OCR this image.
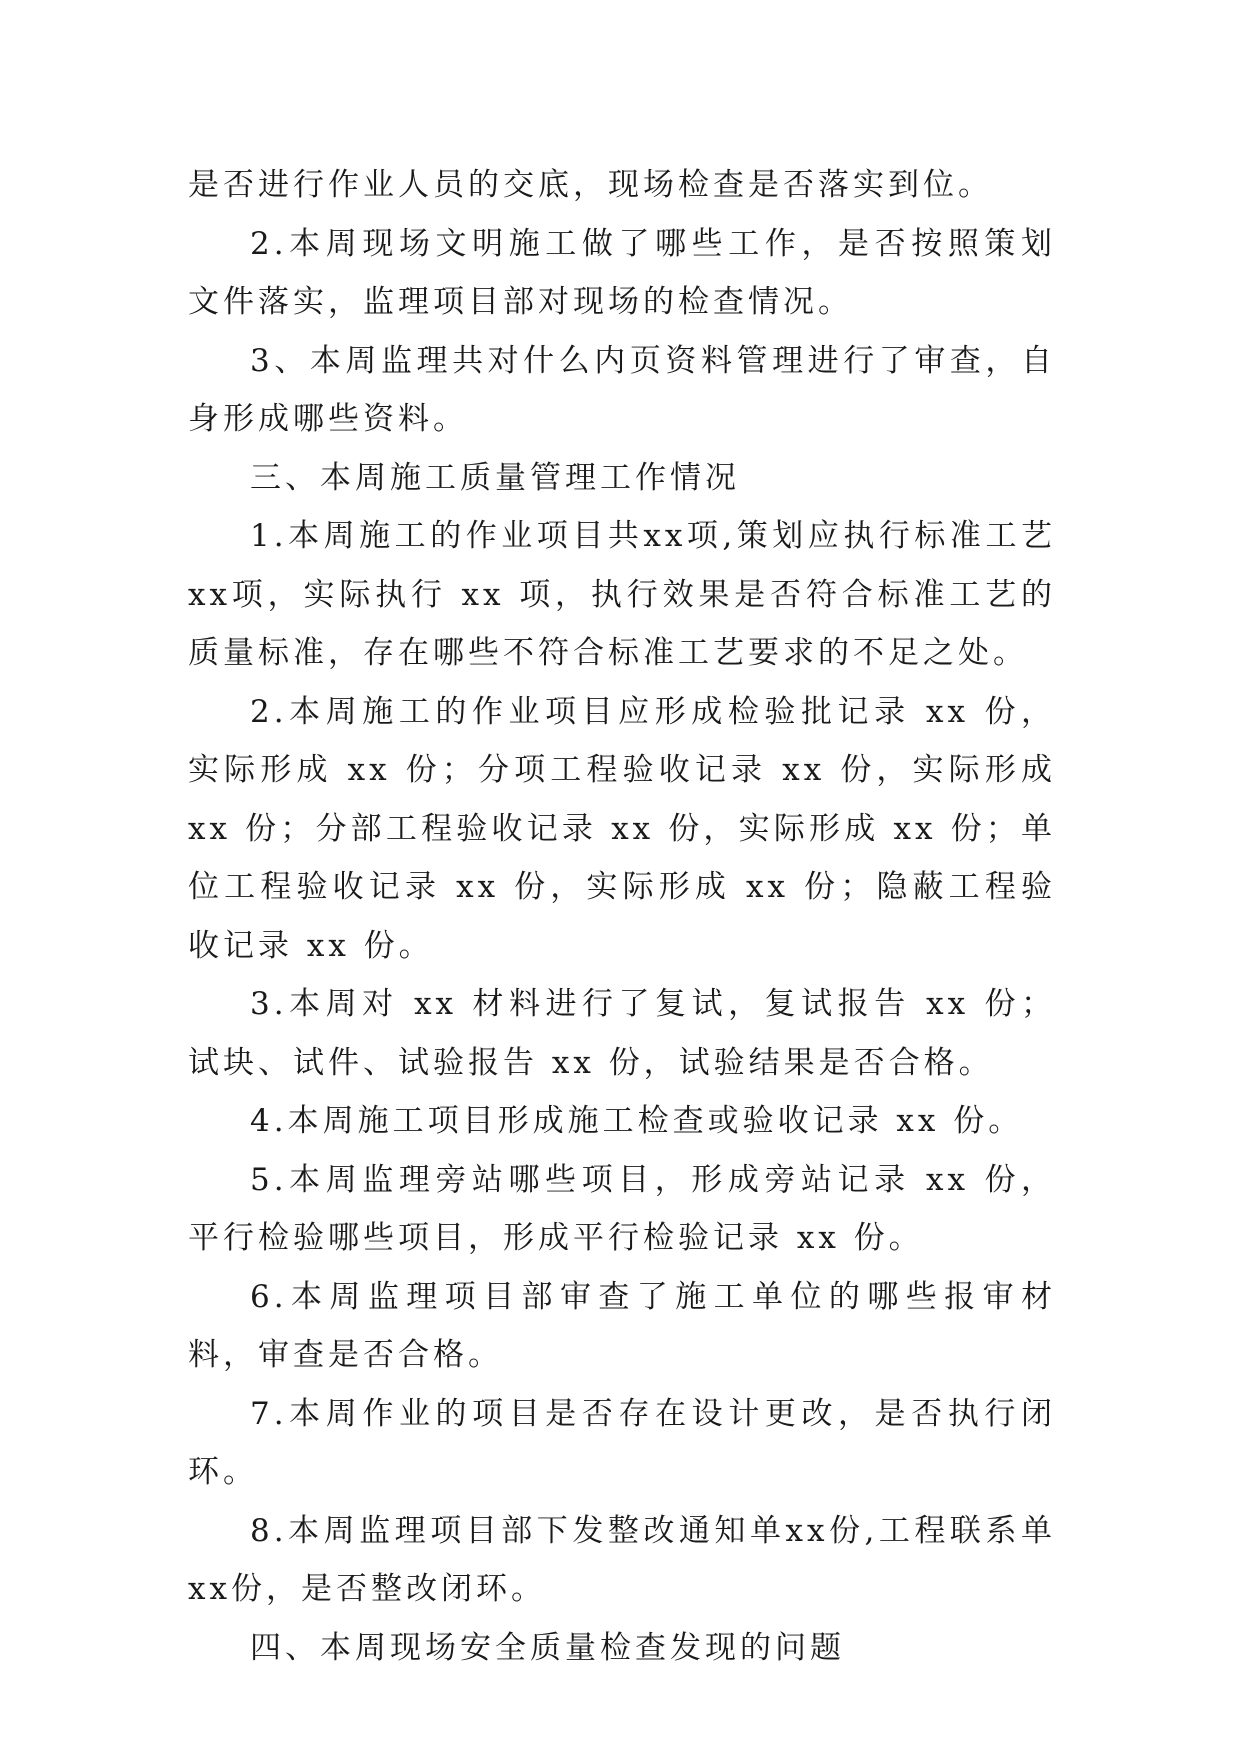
是否进行作业人员的交底，现场检查是否落实到位。

2.本周现场文明施工做了哪些工作，是否按照策划文件落实，监理项目部对现场的检查情况。

3、本周监理共对什么内页资料管理进行了审查，自身形成哪些资料。

三、本周施工质量管理工作情况

1.本周施工的作业项目共xx项,策划应执行标准工艺xx项，实际执行 xx 项，执行效果是否符合标准工艺的质量标准，存在哪些不符合标准工艺要求的不足之处。

2.本周施工的作业项目应形成检验批记录 xx 份，实际形成 xx 份；分项工程验收记录 xx 份，实际形成 xx 份；分部工程验收记录 xx 份，实际形成 xx 份；单位工程验收记录 xx 份，实际形成 xx 份；隐蔽工程验收记录 xx 份。

3.本周对 xx 材料进行了复试，复试报告 xx 份；试块、试件、试验报告 xx 份，试验结果是否合格。

4.本周施工项目形成施工检查或验收记录 xx 份。

5.本周监理旁站哪些项目，形成旁站记录 xx 份，平行检验哪些项目，形成平行检验记录 xx 份。

6.本周监理项目部审查了施工单位的哪些报审材料，审查是否合格。

7.本周作业的项目是否存在设计更改，是否执行闭环。

8.本周监理项目部下发整改通知单xx份,工程联系单xx份，是否整改闭环。

四、本周现场安全质量检查发现的问题
